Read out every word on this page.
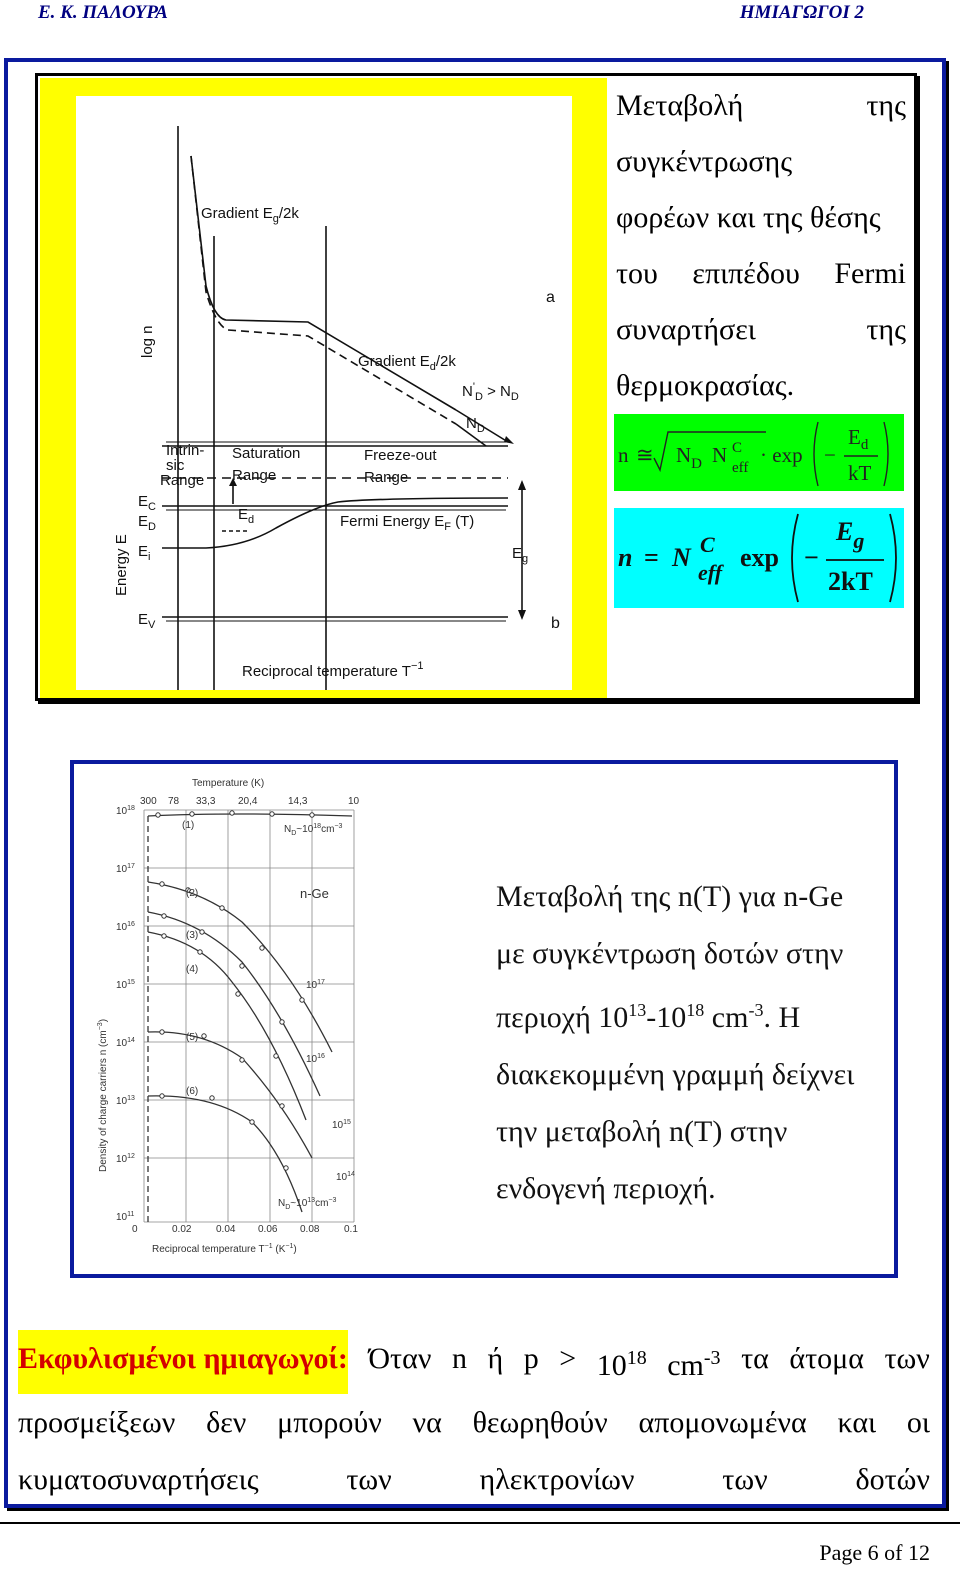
Ε. Κ. ΠΑΛΟΥΡΑ	ΗΜΙΑΓΩΓΟΙ 2
Gradient $E_g/2k$
Gradient $E_d/2k$
a
b
log n
$N'_D > N_D$
$N_D$
Intrin-
sic
Range
Saturation
Range
Freeze-out
Range
Energy E
$E_C$
$E_D$
$E_i$
$E_V$
$E_d$
$E_g$
Fermi Energy $E_F$ (T)
Reciprocal temperature $T^{-1}$
Μεταβολή	της
συγκέντρωσης
φορέων και της θέσης
του επιπέδου Fermi
συναρτήσει	της
θερμοκρασίας.
n ≅ $N_D$ N C
eff
· exp −
$E_d$
kT
n = N C
eff
exp −
$E_g$
2kT
Temperature (K)
300 78 33,3 20,4	14,3	10
$10^{18}$
$10^{17}$
$10^{16}$
$10^{15}$
$10^{14}$
$10^{13}$
$10^{12}$
$10^{11}$
0	0.02 0.04 0.06 0.08 0.1
Density of charge carriers n $(cm^{-3})$
Reciprocal temperature $T^{-1}$ $(K^{-1})$
n-Ge
(1)
(2)
(3)
(4)
(5)
(6)
$N_D\sim 10^{18}cm^{-3}$
$N_D\sim 10^{13}cm^{-3}$
$10^{17}$
$10^{16}$
$10^{15}$
$10^{14}$
Μεταβολή της n(T) για n-Ge
με συγκέντρωση δοτών στην
περιοχή $10^{13}-10^{18}$ $cm^{-3}$. Η
διακεκομμένη γραμμή δείχνει
την μεταβολή n(T) στην
ενδογενή περιοχή.
Εκφυλισμένοι ημιαγωγοί: Όταν n ή $p > 10^{18}$ $cm^{-3}$ τα άτομα των
προσμείξεων δεν μπορούν να θεωρηθούν απομονωμένα και οι
κυματοσυναρτήσεις	των	ηλεκτρονίων	των	δοτών
Page 6 of 12
